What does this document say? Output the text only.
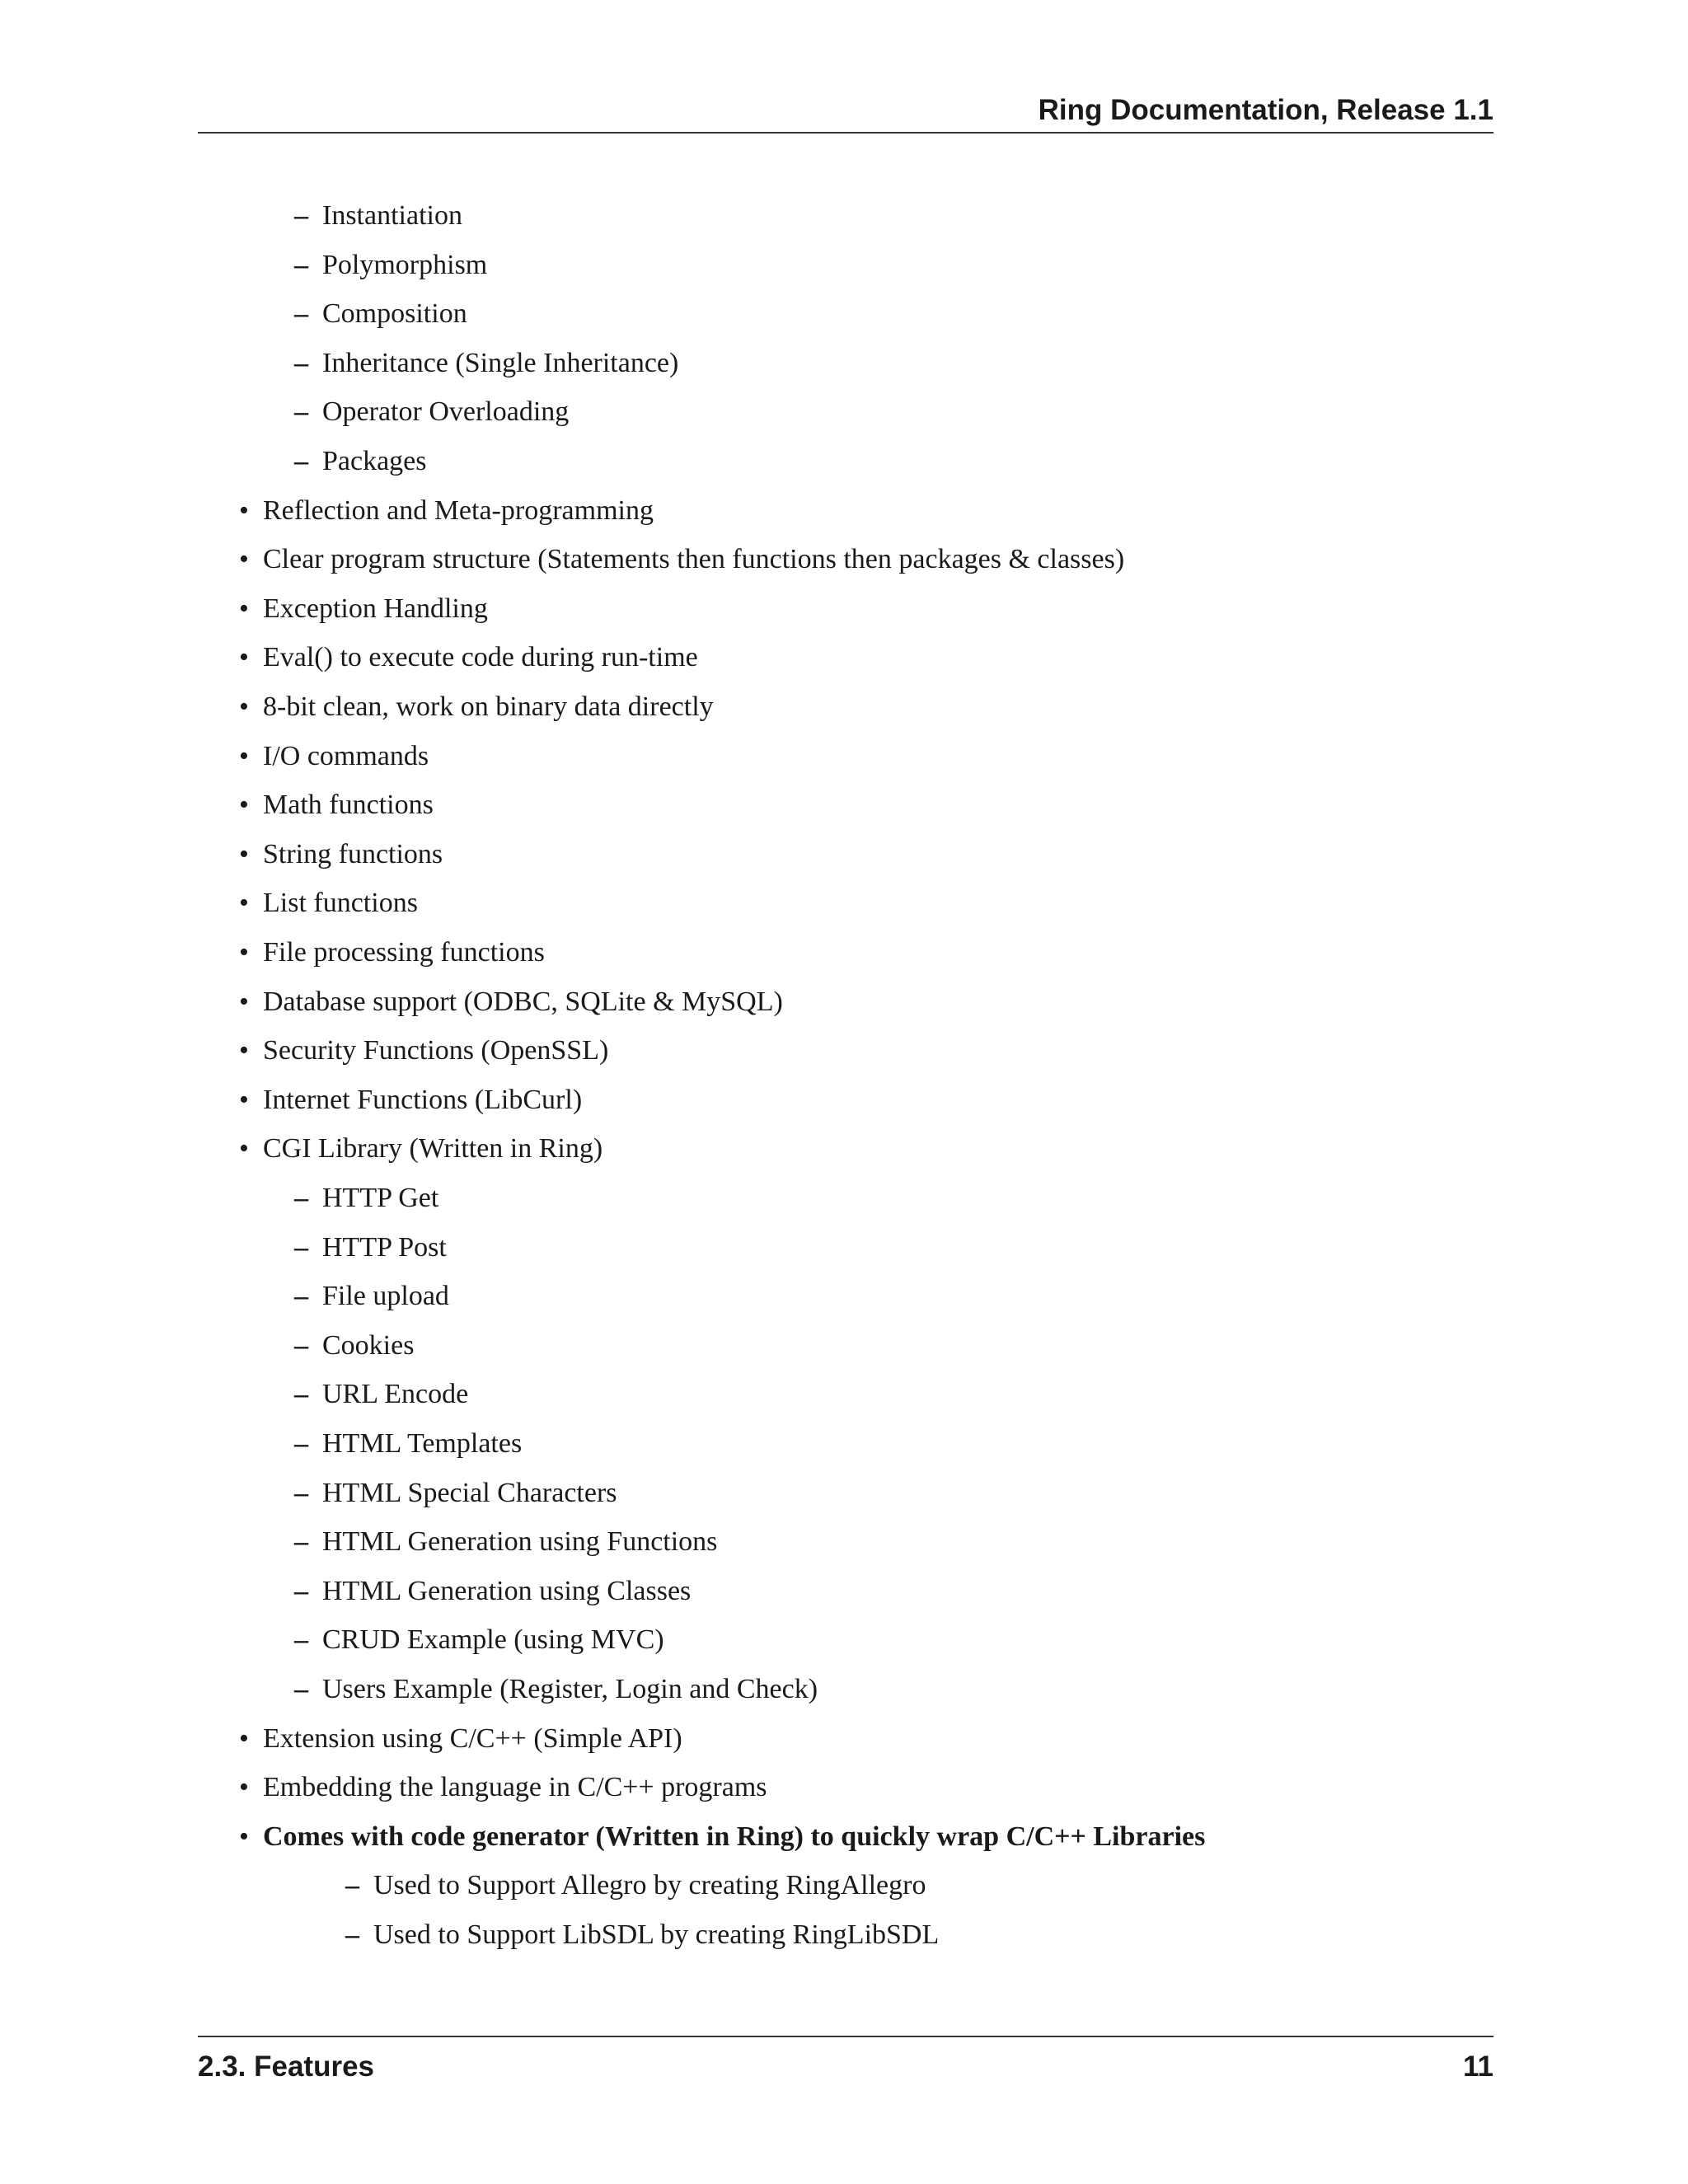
Ring Documentation, Release 1.1
– Instantiation
– Polymorphism
– Composition
– Inheritance (Single Inheritance)
– Operator Overloading
– Packages
• Reflection and Meta-programming
• Clear program structure (Statements then functions then packages & classes)
• Exception Handling
• Eval() to execute code during run-time
• 8-bit clean, work on binary data directly
• I/O commands
• Math functions
• String functions
• List functions
• File processing functions
• Database support (ODBC, SQLite & MySQL)
• Security Functions (OpenSSL)
• Internet Functions (LibCurl)
• CGI Library (Written in Ring)
– HTTP Get
– HTTP Post
– File upload
– Cookies
– URL Encode
– HTML Templates
– HTML Special Characters
– HTML Generation using Functions
– HTML Generation using Classes
– CRUD Example (using MVC)
– Users Example (Register, Login and Check)
• Extension using C/C++ (Simple API)
• Embedding the language in C/C++ programs
• Comes with code generator (Written in Ring) to quickly wrap C/C++ Libraries
– Used to Support Allegro by creating RingAllegro
– Used to Support LibSDL by creating RingLibSDL
2.3. Features	11
